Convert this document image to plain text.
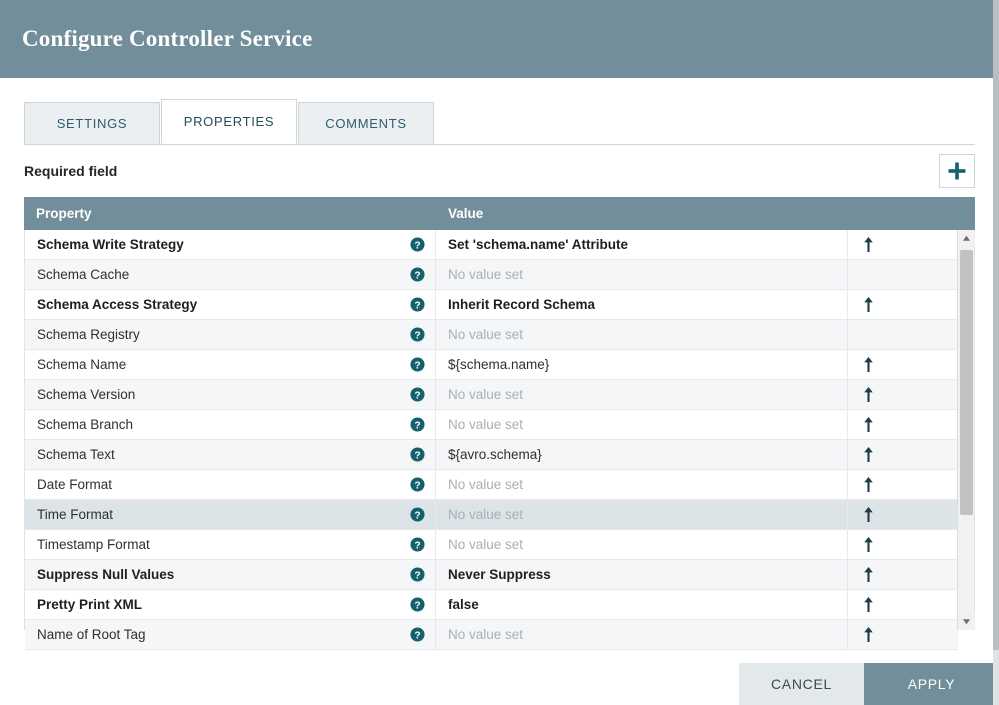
Configure Controller Service
SETTINGS	PROPERTIES	COMMENTS
Required field
Property	Value
Schema Write Strategy	?	Set 'schema.name' Attribute
Schema Cache	?	No value set
Schema Access Strategy	?	Inherit Record Schema
Schema Registry	?	No value set
Schema Name	?	${schema.name}
Schema Version	?	No value set
Schema Branch	?	No value set
Schema Text	?	${avro.schema}
Date Format	?	No value set
Time Format	?	No value set
Timestamp Format	?	No value set
Suppress Null Values	?	Never Suppress
Pretty Print XML	?	false
Name of Root Tag	?	No value set
CANCEL	APPLY
